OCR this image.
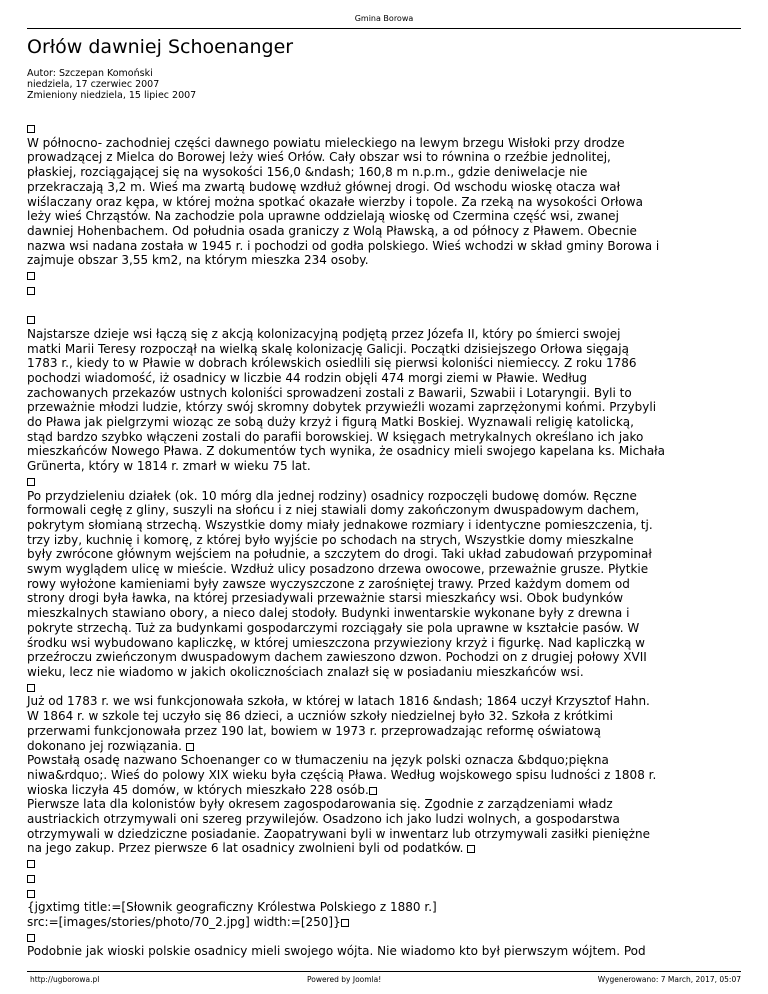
Gmina Borowa
Orłów dawniej Schoenanger
Autor: Szczepan Komoński
niedziela, 17 czerwiec 2007
Zmieniony niedziela, 15 lipiec 2007

W północno- zachodniej części dawnego powiatu mieleckiego na lewym brzegu Wisłoki przy drodze

prowadzącej z Mielca do Borowej leży wieś Orłów. Cały obszar wsi to równina o rzeźbie jednolitej,

płaskiej, rozciągającej się na wysokości 156,0 &ndash; 160,8 m n.p.m., gdzie deniwelacje nie

przekraczają 3,2 m. Wieś ma zwartą budowę wzdłuż głównej drogi. Od wschodu wioskę otacza wał

wiślaczany oraz kępa, w której można spotkać okazałe wierzby i topole. Za rzeką na wysokości Orłowa

leży wieś Chrząstów. Na zachodzie pola uprawne oddzielają wioskę od Czermina część wsi, zwanej

dawniej Hohenbachem. Od południa osada graniczy z Wolą Pławską, a od północy z Pławem. Obecnie

nazwa wsi nadana została w 1945 r. i pochodzi od godła polskiego. Wieś wchodzi w skład gminy Borowa i

zajmuje obszar 3,55 km2, na którym mieszka 234 osoby.

Najstarsze dzieje wsi łączą się z akcją kolonizacyjną podjętą przez Józefa II, który po śmierci swojej

matki Marii Teresy rozpoczął na wielką skalę kolonizację Galicji. Początki dzisiejszego Orłowa sięgają

1783 r., kiedy to w Pławie w dobrach królewskich osiedlili się pierwsi koloniści niemieccy. Z roku 1786

pochodzi wiadomość, iż osadnicy w liczbie 44 rodzin objęli 474 morgi ziemi w Pławie. Według

zachowanych przekazów ustnych koloniści sprowadzeni zostali z Bawarii, Szwabii i Lotaryngii. Byli to

przeważnie młodzi ludzie, którzy swój skromny dobytek przywieźli wozami zaprzężonymi końmi. Przybyli

do Pława jak pielgrzymi wioząc ze sobą duży krzyż i figurą Matki Boskiej. Wyznawali religię katolicką,

stąd bardzo szybko włączeni zostali do parafii borowskiej. W księgach metrykalnych określano ich jako

mieszkańców Nowego Pława. Z dokumentów tych wynika, że osadnicy mieli swojego kapelana ks. Michała

Grünerta, który w 1814 r. zmarł w wieku 75 lat.

Po przydzieleniu działek (ok. 10 mórg dla jednej rodziny) osadnicy rozpoczęli budowę domów. Ręczne

formowali cegłę z gliny, suszyli na słońcu i z niej stawiali domy zakończonym dwuspadowym dachem,

pokrytym słomianą strzechą. Wszystkie domy miały jednakowe rozmiary i identyczne pomieszczenia, tj.

trzy izby, kuchnię i komorę, z której było wyjście po schodach na strych, Wszystkie domy mieszkalne

były zwrócone głównym wejściem na południe, a szczytem do drogi. Taki układ zabudowań przypominał

swym wyglądem ulicę w mieście. Wzdłuż ulicy posadzono drzewa owocowe, przeważnie grusze. Płytkie

rowy wyłożone kamieniami były zawsze wyczyszczone z zarośniętej trawy. Przed każdym domem od

strony drogi była ławka, na której przesiadywali przeważnie starsi mieszkańcy wsi. Obok budynków

mieszkalnych stawiano obory, a nieco dalej stodoły. Budynki inwentarskie wykonane były z drewna i

pokryte strzechą. Tuż za budynkami gospodarczymi rozciągały sie pola uprawne w kształcie pasów. W

środku wsi wybudowano kapliczkę, w której umieszczona przywieziony krzyż i figurkę. Nad kapliczką w

przeźroczu zwieńczonym dwuspadowym dachem zawieszono dzwon. Pochodzi on z drugiej połowy XVII

wieku, lecz nie wiadomo w jakich okolicznościach znalazł się w posiadaniu mieszkańców wsi.

Już od 1783 r. we wsi funkcjonowała szkoła, w której w latach 1816 &ndash; 1864 uczył Krzysztof Hahn.

W 1864 r. w szkole tej uczyło się 86 dzieci, a uczniów szkoły niedzielnej było 32. Szkoła z krótkimi

przerwami funkcjonowała przez 190 lat, bowiem w 1973 r. przeprowadzając reformę oświatową

dokonano jej rozwiązania.

Powstałą osadę nazwano Schoenanger co w tłumaczeniu na język polski oznacza &bdquo;piękna

niwa&rdquo;. Wieś do polowy XIX wieku była częścią Pława. Według wojskowego spisu ludności z 1808 r.

wioska liczyła 45 domów, w których mieszkało 228 osób.

Pierwsze lata dla kolonistów były okresem zagospodarowania się. Zgodnie z zarządzeniami władz

austriackich otrzymywali oni szereg przywilejów. Osadzono ich jako ludzi wolnych, a gospodarstwa

otrzymywali w dziedziczne posiadanie. Zaopatrywani byli w inwentarz lub otrzymywali zasiłki pieniężne

na jego zakup. Przez pierwsze 6 lat osadnicy zwolnieni byli od podatków.

{jgxtimg title:=[Słownik geograficzny Królestwa Polskiego z 1880 r.]

src:=[images/stories/photo/70_2.jpg] width:=[250]}

Podobnie jak wioski polskie osadnicy mieli swojego wójta. Nie wiadomo kto był pierwszym wójtem. Pod

http://ugborowa.pl	Powered by Joomla!	Wygenerowano: 7 March, 2017, 05:07
